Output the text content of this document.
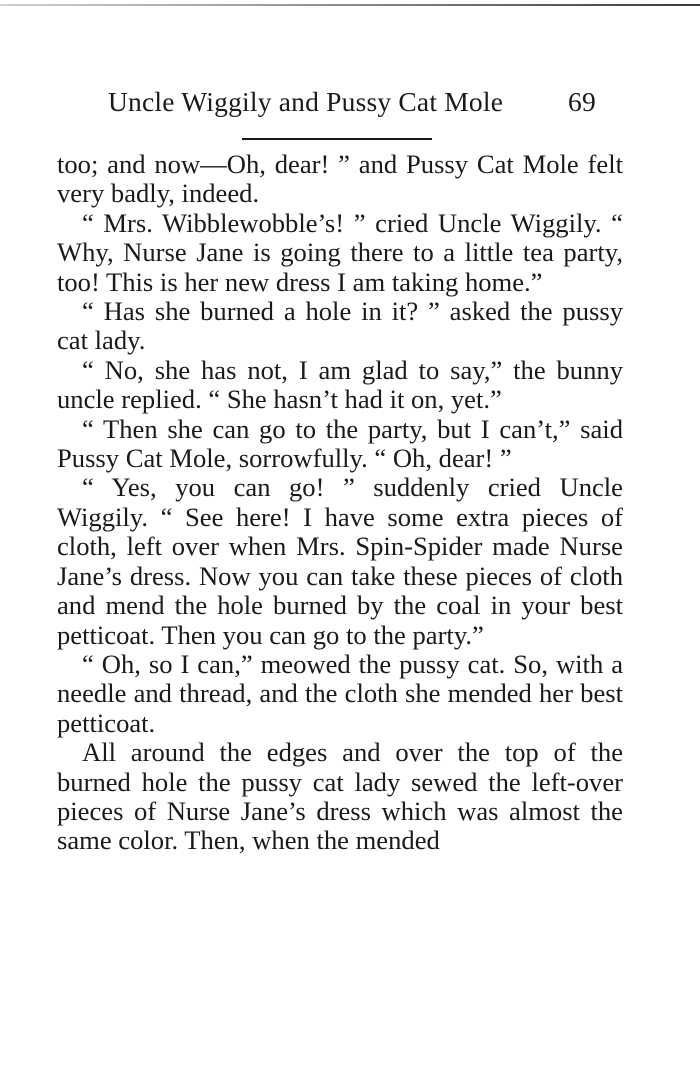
Uncle Wiggily and Pussy Cat Mole 69

too; and now—Oh, dear! ” and Pussy Cat Mole felt very badly, indeed.

“ Mrs. Wibblewobble’s! ” cried Uncle Wiggily. “ Why, Nurse Jane is going there to a little tea party, too! This is her new dress I am taking home.”

“ Has she burned a hole in it? ” asked the pussy cat lady.

“ No, she has not, I am glad to say,” the bunny uncle replied. “ She hasn’t had it on, yet.”

“ Then she can go to the party, but I can’t,” said Pussy Cat Mole, sorrowfully. “ Oh, dear! ”

“ Yes, you can go! ” suddenly cried Uncle Wiggily. “ See here! I have some extra pieces of cloth, left over when Mrs. Spin-Spider made Nurse Jane’s dress. Now you can take these pieces of cloth and mend the hole burned by the coal in your best petticoat. Then you can go to the party.”

“ Oh, so I can,” meowed the pussy cat. So, with a needle and thread, and the cloth she mended her best petticoat.

All around the edges and over the top of the burned hole the pussy cat lady sewed the left-over pieces of Nurse Jane’s dress which was almost the same color. Then, when the mended
